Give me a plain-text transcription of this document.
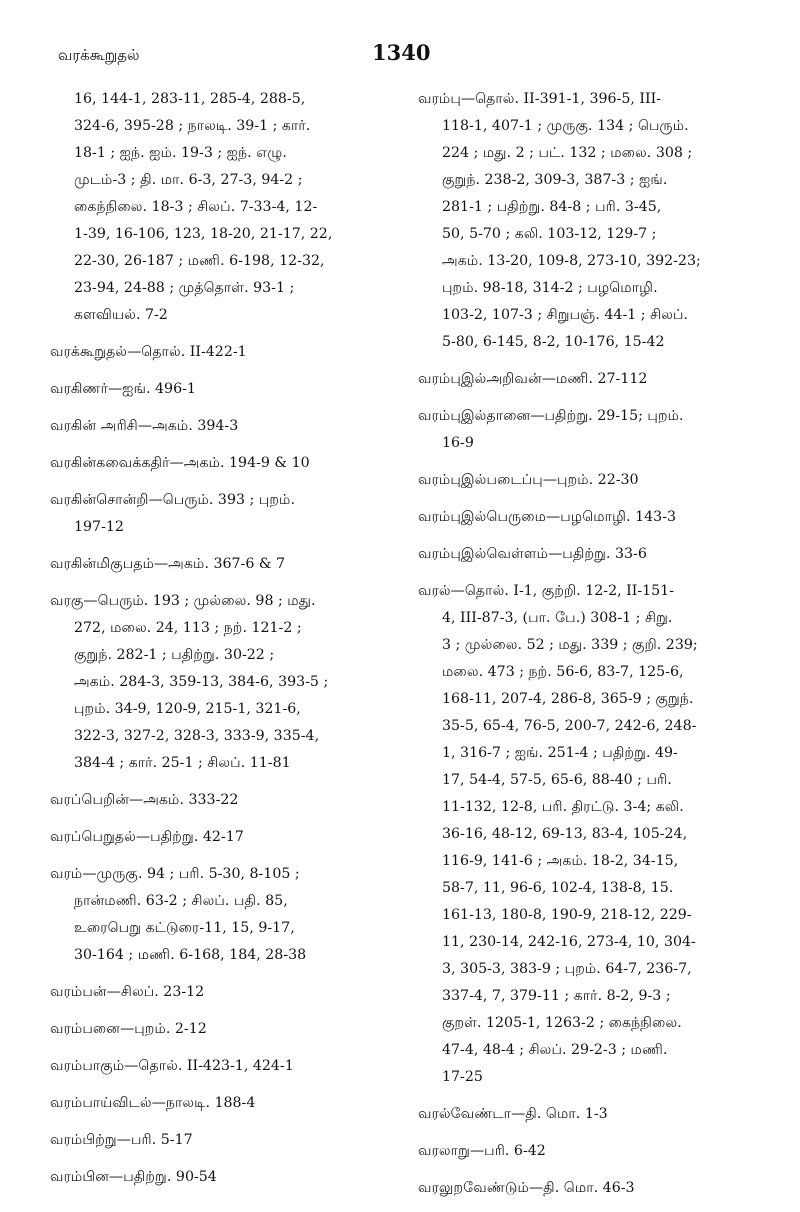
வரக்கூறுதல்	1340
16, 144-1, 283-11, 285-4, 288-5,
324-6, 395-28 ; நாலடி. 39-1 ; கார்.
18-1 ; ஐந். ஐம். 19-3 ; ஐந். எழு.
முடம்-3 ; தி. மா. 6-3, 27-3, 94-2 ;
கைந்நிலை. 18-3 ; சிலப். 7-33-4, 12-
1-39, 16-106, 123, 18-20, 21-17, 22,
22-30, 26-187 ; மணி. 6-198, 12-32,
23-94, 24-88 ; முத்தொள். 93-1 ;
களவியல். 7-2
வரக்கூறுதல்—தொல். II-422-1
வரகிணர்—ஐங். 496-1
வரகின் அரிசி—அகம். 394-3
வரகின்கவைக்கதிர்—அகம். 194-9 & 10
வரகின்சொன்றி—பெரும். 393 ; புறம்.
197-12
வரகின்மிகுபதம்—அகம். 367-6 & 7
வரகு—பெரும். 193 ; முல்லை. 98 ; மது.
272, மலை. 24, 113 ; நற். 121-2 ;
குறுந். 282-1 ; பதிற்று. 30-22 ;
அகம். 284-3, 359-13, 384-6, 393-5 ;
புறம். 34-9, 120-9, 215-1, 321-6,
322-3, 327-2, 328-3, 333-9, 335-4,
384-4 ; கார். 25-1 ; சிலப். 11-81
வரப்பெறின்—அகம். 333-22
வரப்பெறுதல்—பதிற்று. 42-17
வரம்—முருகு. 94 ; பரி. 5-30, 8-105 ;
நான்மணி. 63-2 ; சிலப். பதி. 85,
உரைபெறு கட்டுரை-11, 15, 9-17,
30-164 ; மணி. 6-168, 184, 28-38
வரம்பன்—சிலப். 23-12
வரம்பனை—புறம். 2-12
வரம்பாகும்—தொல். II-423-1, 424-1
வரம்பாய்விடல்—நாலடி. 188-4
வரம்பிற்று—பரி. 5-17
வரம்பின—பதிற்று. 90-54
வரம்பு—தொல். II-391-1, 396-5, III-
118-1, 407-1 ; முருகு. 134 ; பெரும்.
224 ; மது. 2 ; பட். 132 ; மலை. 308 ;
குறுந். 238-2, 309-3, 387-3 ; ஐங்.
281-1 ; பதிற்று. 84-8 ; பரி. 3-45,
50, 5-70 ; கலி. 103-12, 129-7 ;
அகம். 13-20, 109-8, 273-10, 392-23;
புறம். 98-18, 314-2 ; பழமொழி.
103-2, 107-3 ; சிறுபஞ். 44-1 ; சிலப்.
5-80, 6-145, 8-2, 10-176, 15-42
வரம்புஇல்அறிவன்—மணி. 27-112
வரம்புஇல்தானை—பதிற்று. 29-15; புறம்.
16-9
வரம்புஇல்படைப்பு—புறம். 22-30
வரம்புஇல்பெருமை—பழமொழி. 143-3
வரம்புஇல்வெள்ளம்—பதிற்று. 33-6
வரல்—தொல். I-1, குற்றி. 12-2, II-151-
4, III-87-3, (பா. பே.) 308-1 ; சிறு.
3 ; முல்லை. 52 ; மது. 339 ; குறி. 239;
மலை. 473 ; நற். 56-6, 83-7, 125-6,
168-11, 207-4, 286-8, 365-9 ; குறுந்.
35-5, 65-4, 76-5, 200-7, 242-6, 248-
1, 316-7 ; ஐங். 251-4 ; பதிற்று. 49-
17, 54-4, 57-5, 65-6, 88-40 ; பரி.
11-132, 12-8, பரி. திரட்டு. 3-4; கலி.
36-16, 48-12, 69-13, 83-4, 105-24,
116-9, 141-6 ; அகம். 18-2, 34-15,
58-7, 11, 96-6, 102-4, 138-8, 15.
161-13, 180-8, 190-9, 218-12, 229-
11, 230-14, 242-16, 273-4, 10, 304-
3, 305-3, 383-9 ; புறம். 64-7, 236-7,
337-4, 7, 379-11 ; கார். 8-2, 9-3 ;
குறள். 1205-1, 1263-2 ; கைந்நிலை.
47-4, 48-4 ; சிலப். 29-2-3 ; மணி.
17-25
வரல்வேண்டா—தி. மொ. 1-3
வரலாறு—பரி. 6-42
வரலுறவேண்டும்—தி. மொ. 46-3
